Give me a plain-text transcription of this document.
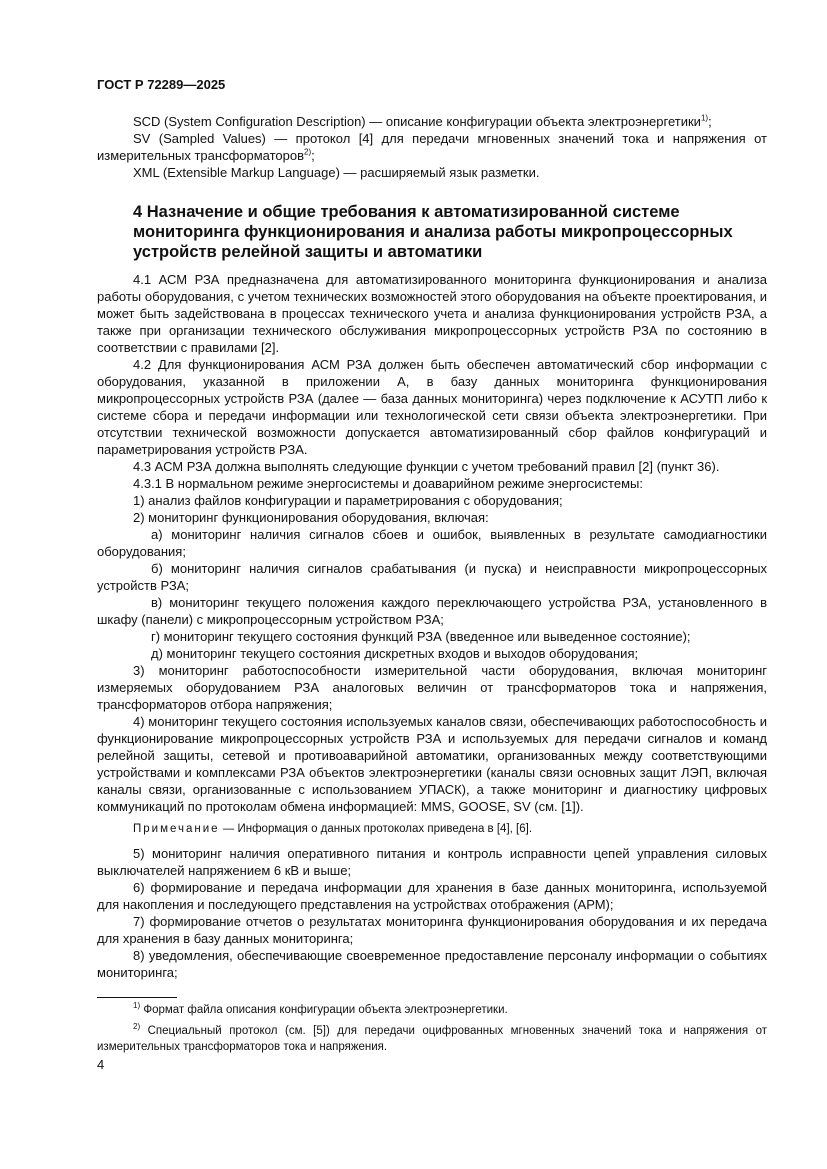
ГОСТ Р 72289—2025

SCD (System Configuration Description) — описание конфигурации объекта электроэнергетики$^{1)}$;

SV (Sampled Values) — протокол [4] для передачи мгновенных значений тока и напряжения от измерительных трансформаторов$^{2)}$;

XML (Extensible Markup Language) — расширяемый язык разметки.

4 Назначение и общие требования к автоматизированной системе мониторинга функционирования и анализа работы микропроцессорных устройств релейной защиты и автоматики

4.1 АСМ РЗА предназначена для автоматизированного мониторинга функционирования и анализа работы оборудования, с учетом технических возможностей этого оборудования на объекте проектирования, и может быть задействована в процессах технического учета и анализа функционирования устройств РЗА, а также при организации технического обслуживания микропроцессорных устройств РЗА по состоянию в соответствии с правилами [2].

4.2 Для функционирования АСМ РЗА должен быть обеспечен автоматический сбор информации с оборудования, указанной в приложении А, в базу данных мониторинга функционирования микропроцессорных устройств РЗА (далее — база данных мониторинга) через подключение к АСУТП либо к системе сбора и передачи информации или технологической сети связи объекта электроэнергетики. При отсутствии технической возможности допускается автоматизированный сбор файлов конфигураций и параметрирования устройств РЗА.

4.3 АСМ РЗА должна выполнять следующие функции с учетом требований правил [2] (пункт 36).

4.3.1 В нормальном режиме энергосистемы и доаварийном режиме энергосистемы:

1) анализ файлов конфигурации и параметрирования с оборудования;

2) мониторинг функционирования оборудования, включая:

а) мониторинг наличия сигналов сбоев и ошибок, выявленных в результате самодиагностики оборудования;

б) мониторинг наличия сигналов срабатывания (и пуска) и неисправности микропроцессорных устройств РЗА;

в) мониторинг текущего положения каждого переключающего устройства РЗА, установленного в шкафу (панели) с микропроцессорным устройством РЗА;

г) мониторинг текущего состояния функций РЗА (введенное или выведенное состояние);

д) мониторинг текущего состояния дискретных входов и выходов оборудования;

3) мониторинг работоспособности измерительной части оборудования, включая мониторинг измеряемых оборудованием РЗА аналоговых величин от трансформаторов тока и напряжения, трансформаторов отбора напряжения;

4) мониторинг текущего состояния используемых каналов связи, обеспечивающих работоспособность и функционирование микропроцессорных устройств РЗА и используемых для передачи сигналов и команд релейной защиты, сетевой и противоаварийной автоматики, организованных между соответствующими устройствами и комплексами РЗА объектов электроэнергетики (каналы связи основных защит ЛЭП, включая каналы связи, организованные с использованием УПАСК), а также мониторинг и диагностику цифровых коммуникаций по протоколам обмена информацией: MMS, GOOSE, SV (см. [1]).

Примечание — Информация о данных протоколах приведена в [4], [6].

5) мониторинг наличия оперативного питания и контроль исправности цепей управления силовых выключателей напряжением 6 кВ и выше;

6) формирование и передача информации для хранения в базе данных мониторинга, используемой для накопления и последующего представления на устройствах отображения (АРМ);

7) формирование отчетов о результатах мониторинга функционирования оборудования и их передача для хранения в базу данных мониторинга;

8) уведомления, обеспечивающие своевременное предоставление персоналу информации о событиях мониторинга;

$^{1)}$ Формат файла описания конфигурации объекта электроэнергетики.

$^{2)}$ Специальный протокол (см. [5]) для передачи оцифрованных мгновенных значений тока и напряжения от измерительных трансформаторов тока и напряжения.

4
